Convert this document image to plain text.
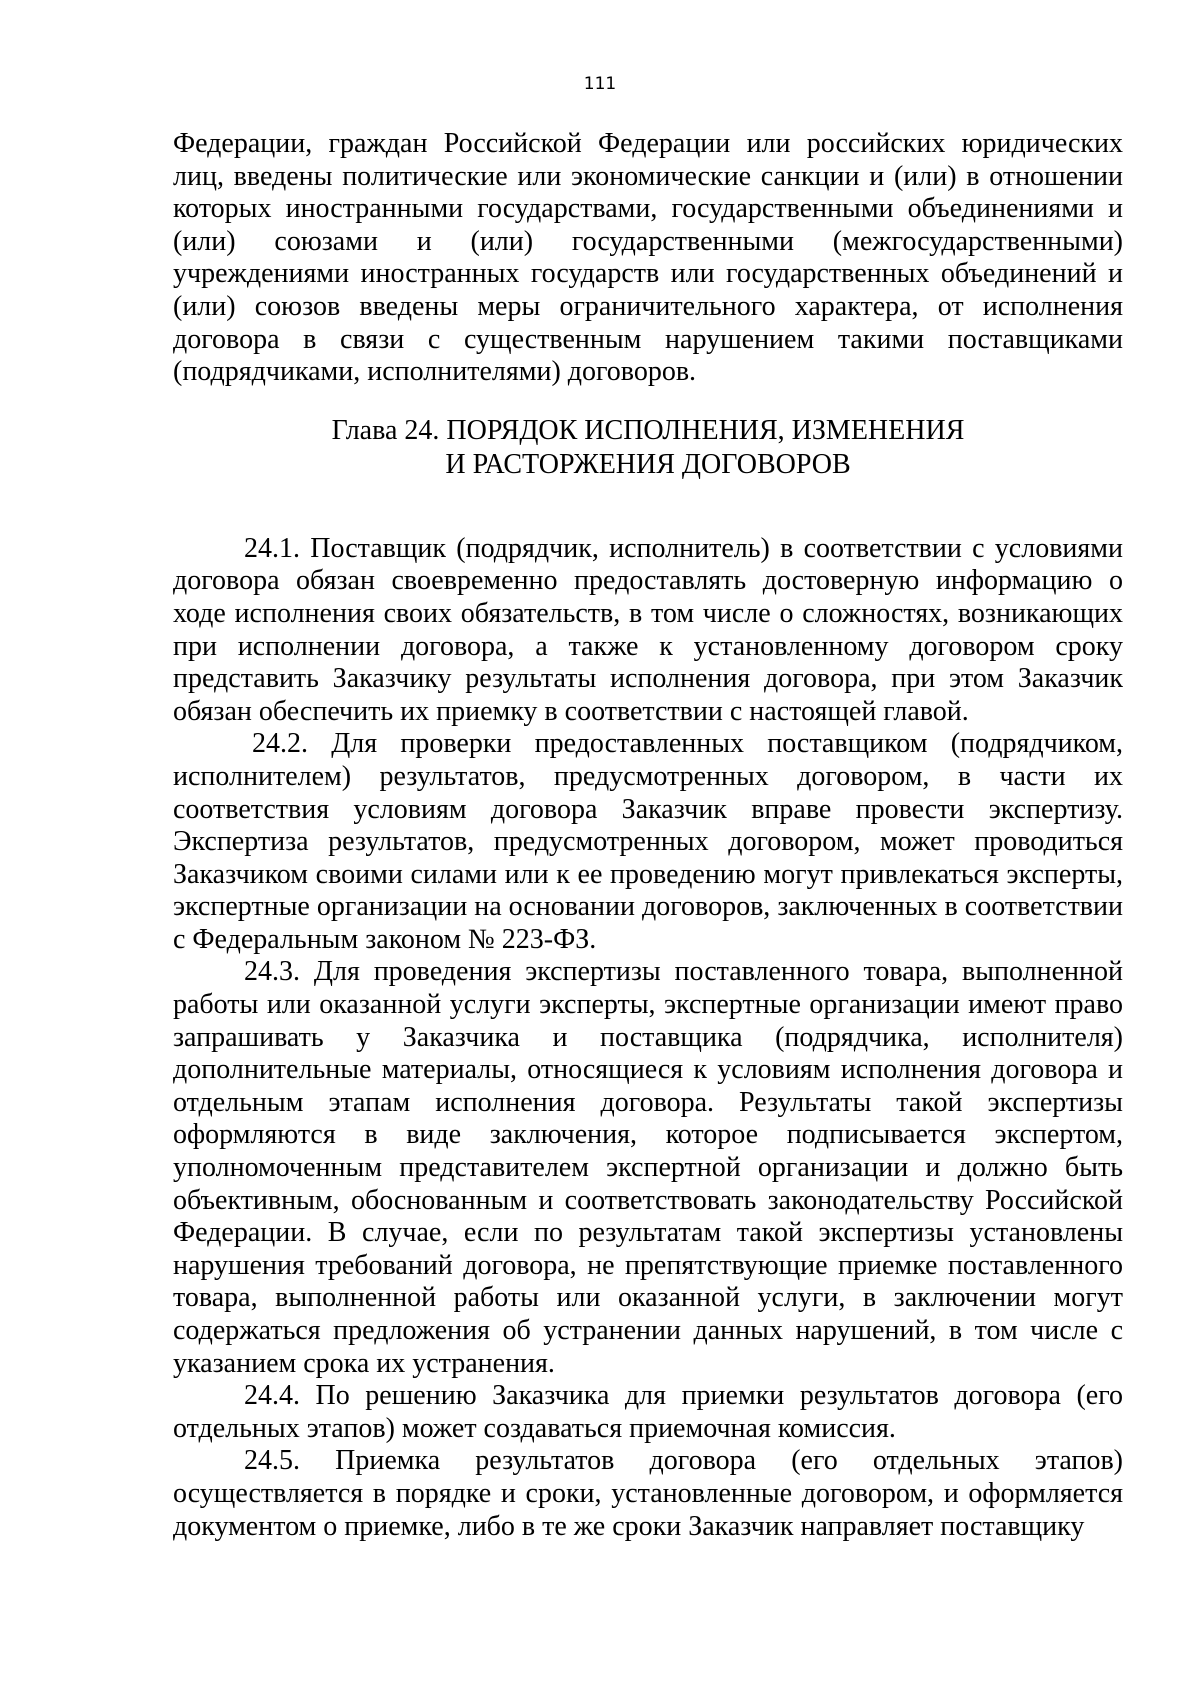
111

Федерации, граждан Российской Федерации или российских юридических лиц, введены политические или экономические санкции и (или) в отношении которых иностранными государствами, государственными объединениями и (или) союзами и (или) государственными (межгосударственными) учреждениями иностранных государств или государственных объединений и (или) союзов введены меры ограничительного характера, от исполнения договора в связи с существенным нарушением такими поставщиками (подрядчиками, исполнителями) договоров.

Глава 24. ПОРЯДОК ИСПОЛНЕНИЯ, ИЗМЕНЕНИЯ
И РАСТОРЖЕНИЯ ДОГОВОРОВ

24.1. Поставщик (подрядчик, исполнитель) в соответствии с условиями договора обязан своевременно предоставлять достоверную информацию о ходе исполнения своих обязательств, в том числе о сложностях, возникающих при исполнении договора, а также к установленному договором сроку представить Заказчику результаты исполнения договора, при этом Заказчик обязан обеспечить их приемку в соответствии с настоящей главой.

24.2. Для проверки предоставленных поставщиком (подрядчиком, исполнителем) результатов, предусмотренных договором, в части их соответствия условиям договора Заказчик вправе провести экспертизу. Экспертиза результатов, предусмотренных договором, может проводиться Заказчиком своими силами или к ее проведению могут привлекаться эксперты, экспертные организации на основании договоров, заключенных в соответствии с Федеральным законом № 223-ФЗ.

24.3. Для проведения экспертизы поставленного товара, выполненной работы или оказанной услуги эксперты, экспертные организации имеют право запрашивать у Заказчика и поставщика (подрядчика, исполнителя) дополнительные материалы, относящиеся к условиям исполнения договора и отдельным этапам исполнения договора. Результаты такой экспертизы оформляются в виде заключения, которое подписывается экспертом, уполномоченным представителем экспертной организации и должно быть объективным, обоснованным и соответствовать законодательству Российской Федерации. В случае, если по результатам такой экспертизы установлены нарушения требований договора, не препятствующие приемке поставленного товара, выполненной работы или оказанной услуги, в заключении могут содержаться предложения об устранении данных нарушений, в том числе с указанием срока их устранения.

24.4. По решению Заказчика для приемки результатов договора (его отдельных этапов) может создаваться приемочная комиссия.

24.5. Приемка результатов договора (его отдельных этапов) осуществляется в порядке и сроки, установленные договором, и оформляется документом о приемке, либо в те же сроки Заказчик направляет поставщику
